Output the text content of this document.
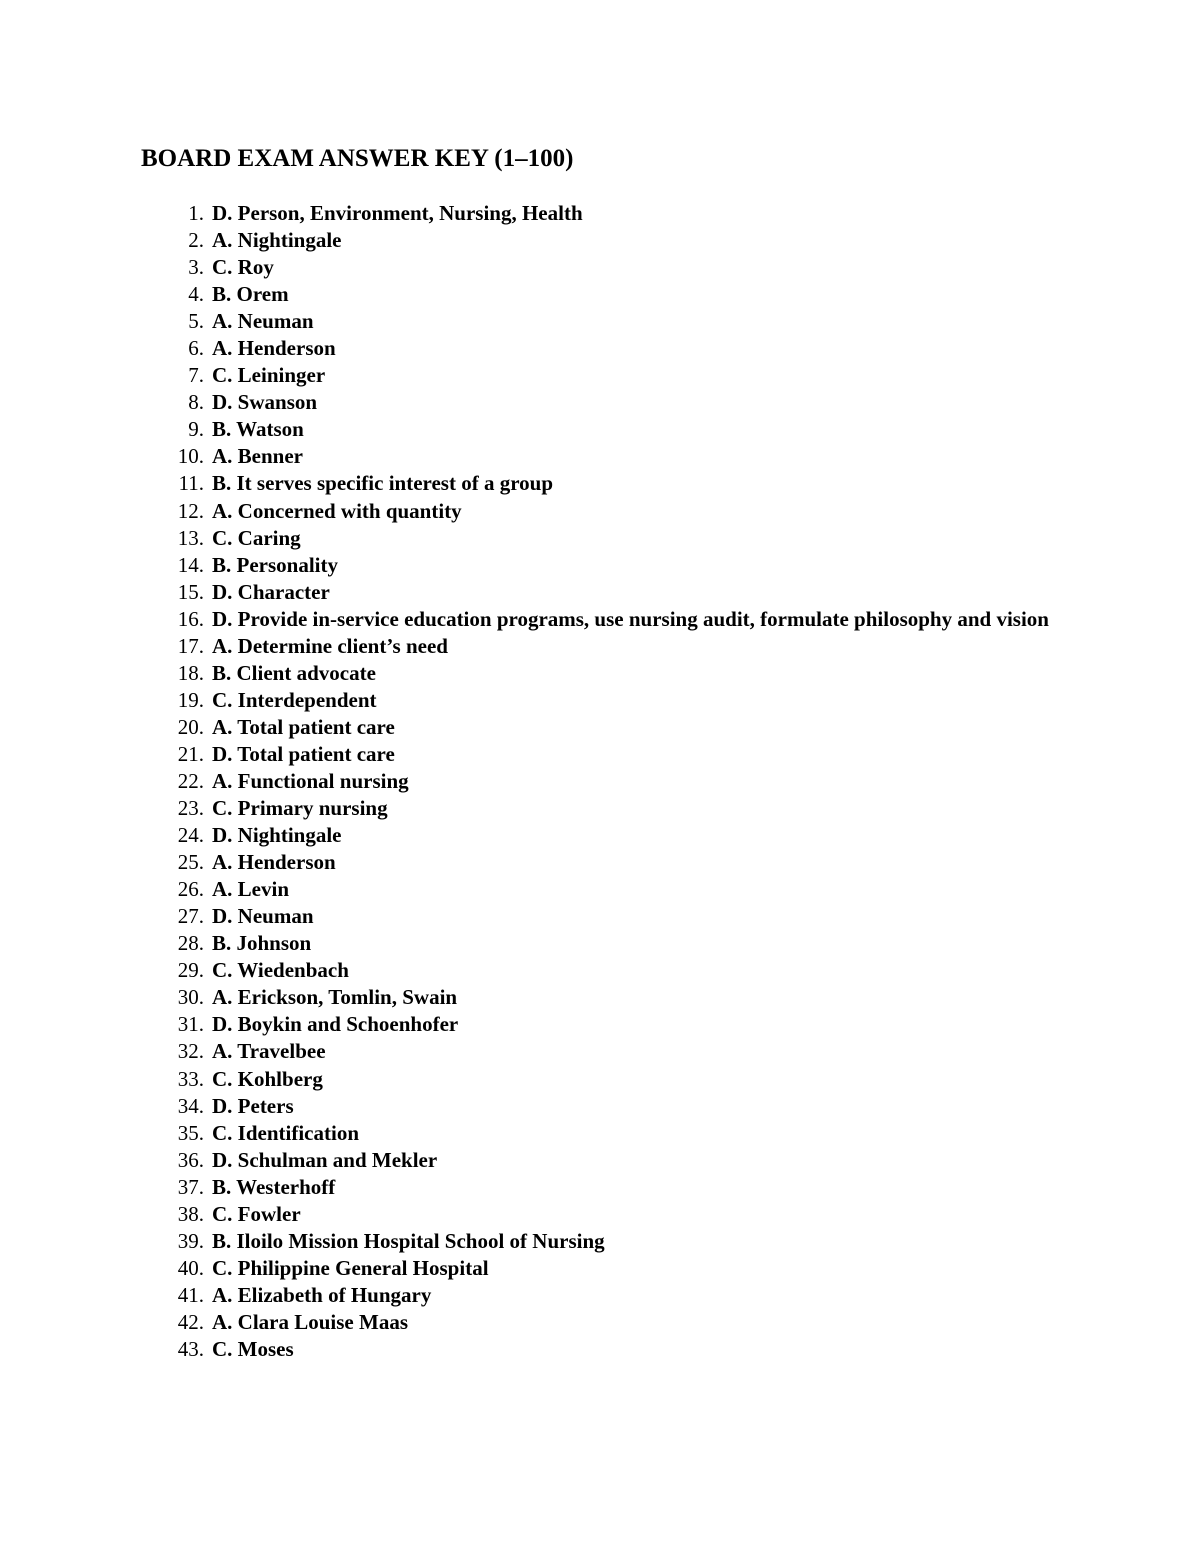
BOARD EXAM ANSWER KEY (1–100)
1. D. Person, Environment, Nursing, Health
2. A. Nightingale
3. C. Roy
4. B. Orem
5. A. Neuman
6. A. Henderson
7. C. Leininger
8. D. Swanson
9. B. Watson
10. A. Benner
11. B. It serves specific interest of a group
12. A. Concerned with quantity
13. C. Caring
14. B. Personality
15. D. Character
16. D. Provide in-service education programs, use nursing audit, formulate philosophy and vision
17. A. Determine client’s need
18. B. Client advocate
19. C. Interdependent
20. A. Total patient care
21. D. Total patient care
22. A. Functional nursing
23. C. Primary nursing
24. D. Nightingale
25. A. Henderson
26. A. Levin
27. D. Neuman
28. B. Johnson
29. C. Wiedenbach
30. A. Erickson, Tomlin, Swain
31. D. Boykin and Schoenhofer
32. A. Travelbee
33. C. Kohlberg
34. D. Peters
35. C. Identification
36. D. Schulman and Mekler
37. B. Westerhoff
38. C. Fowler
39. B. Iloilo Mission Hospital School of Nursing
40. C. Philippine General Hospital
41. A. Elizabeth of Hungary
42. A. Clara Louise Maas
43. C. Moses
